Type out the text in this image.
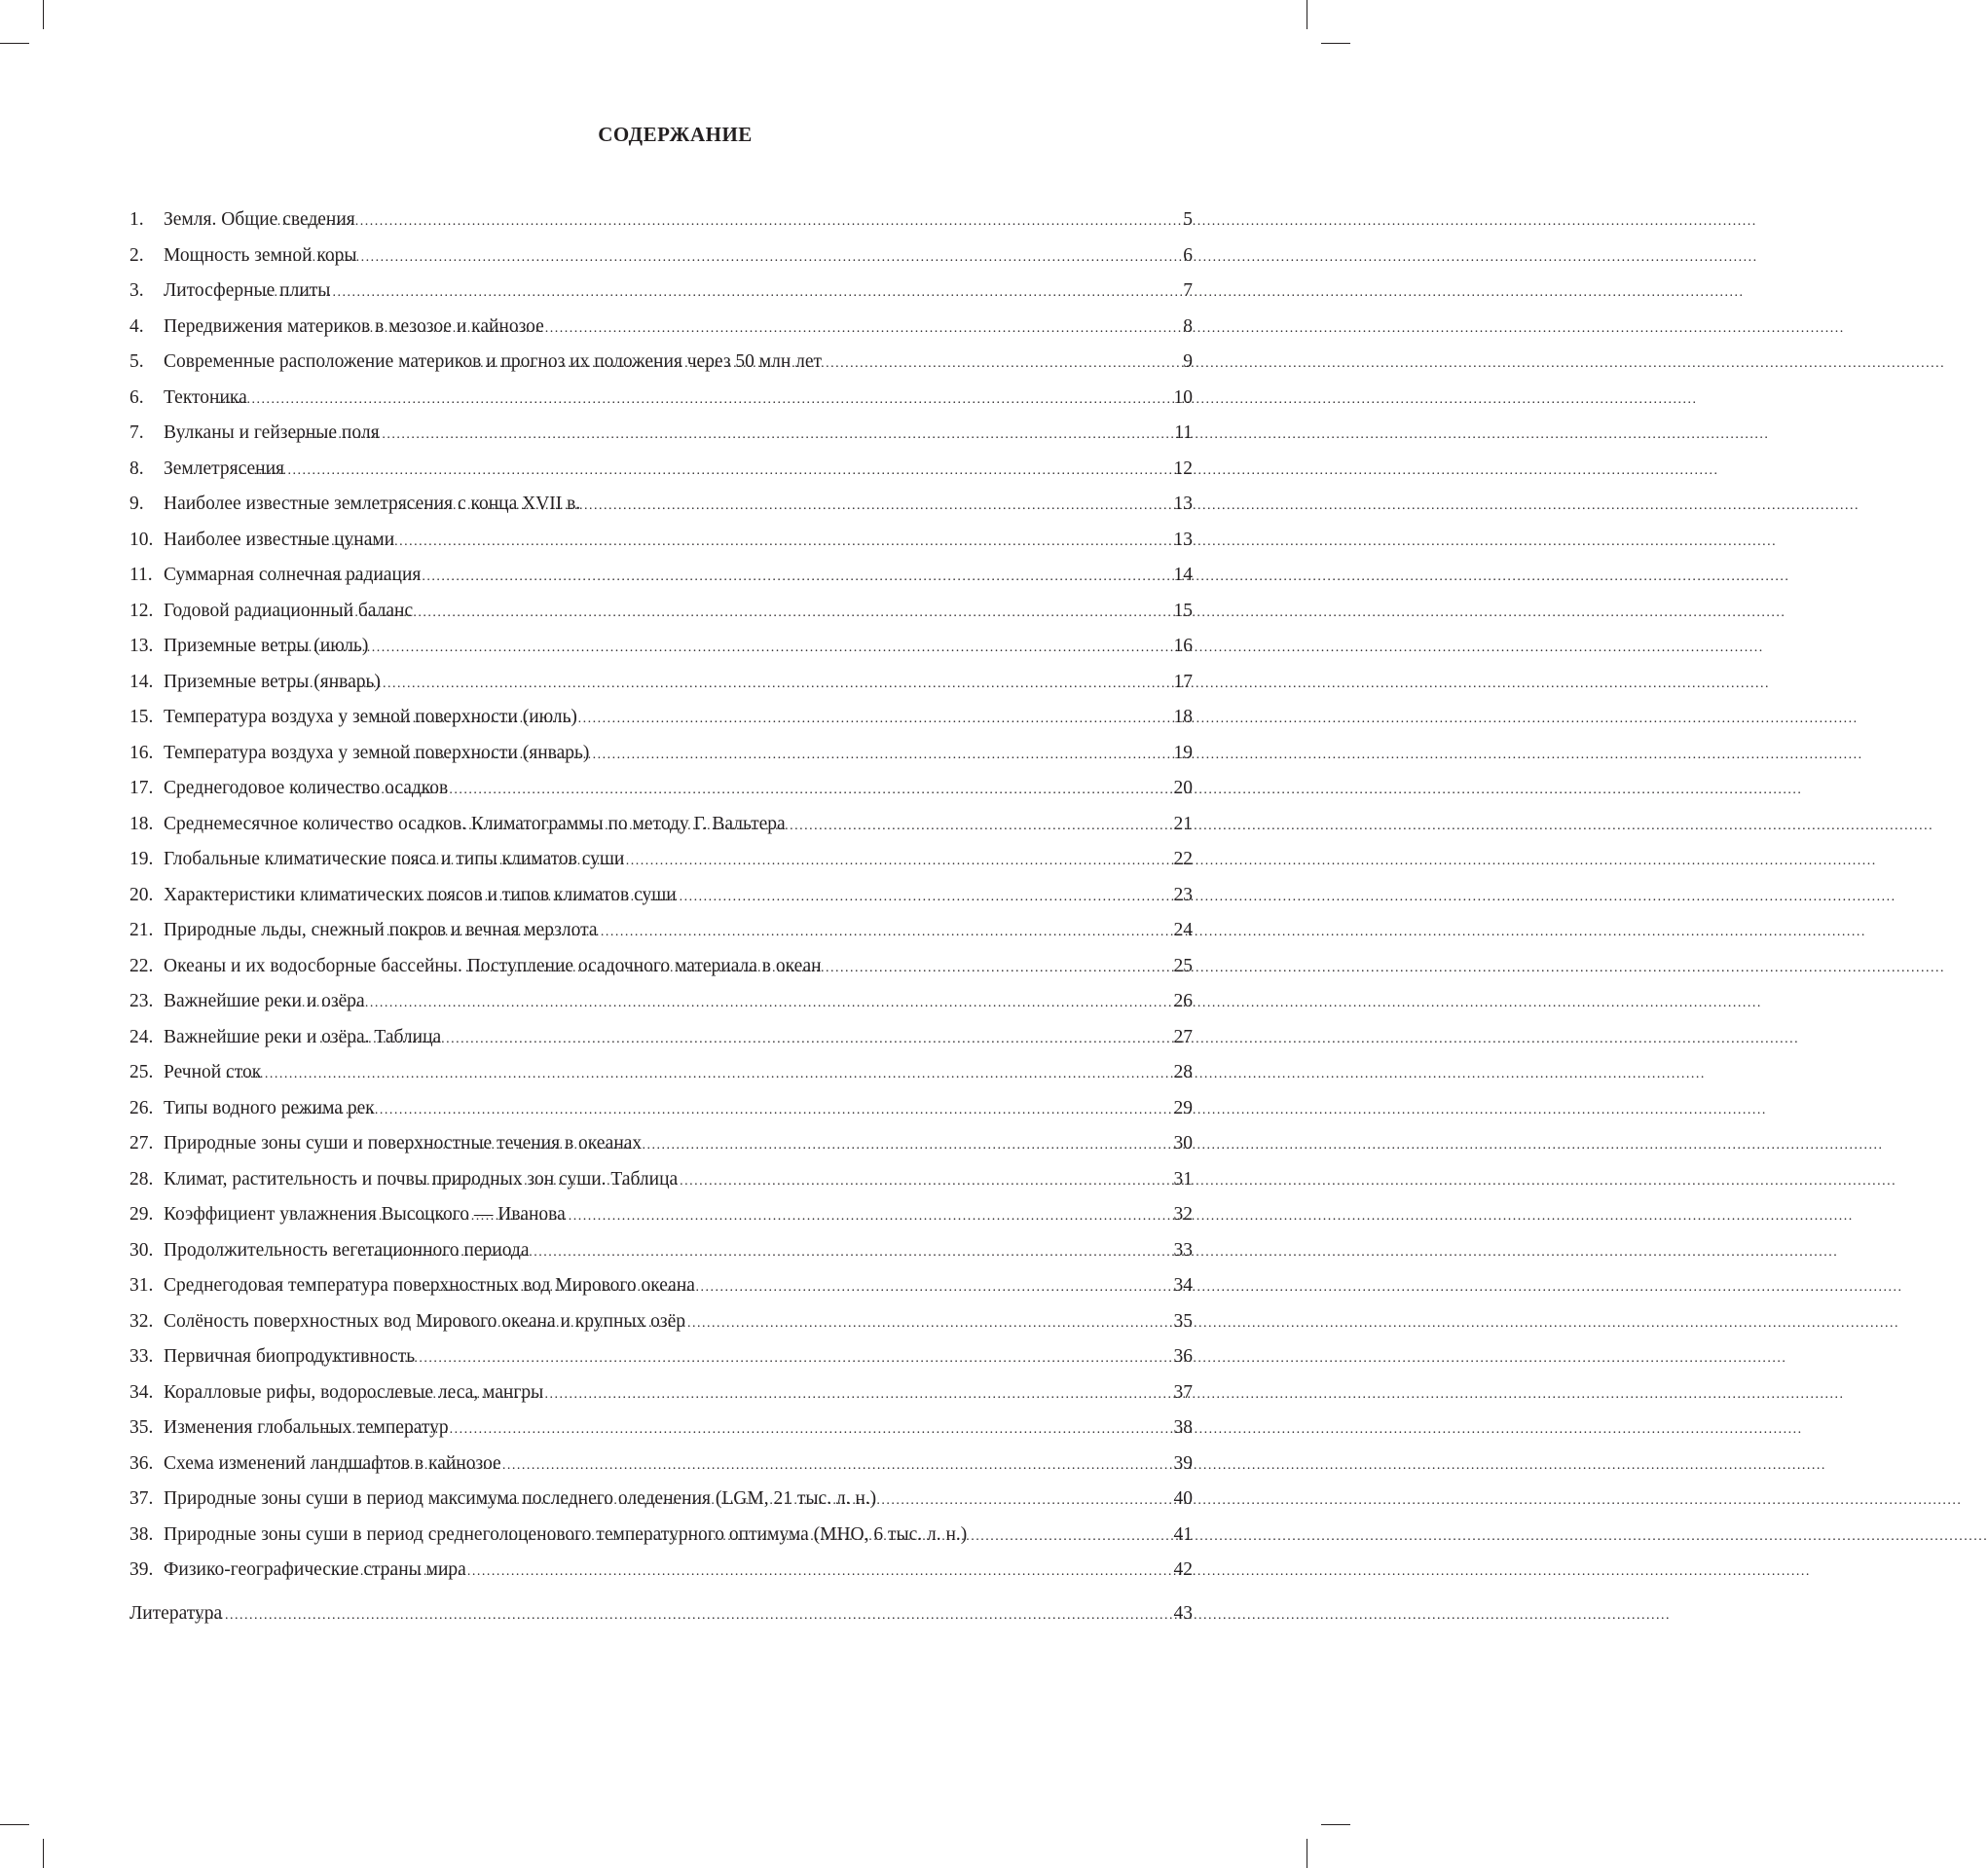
СОДЕРЖАНИЕ
1.	Земля. Общие сведения .....	5
2.	Мощность земной коры .....	6
3.	Литосферные плиты .....	7
4.	Передвижения материков в мезозое и кайнозое .....	8
5.	Современные расположение материков и прогноз их положения через 50 млн лет .....	9
6.	Тектоника .....	10
7.	Вулканы и гейзерные поля .....	11
8.	Землетрясения .....	12
9.	Наиболее известные землетрясения с конца XVII в. .....	13
10. Наиболее известные цунами .....	13
11. Суммарная солнечная радиация .....	14
12. Годовой радиационный баланс .....	15
13. Приземные ветры (июль) .....	16
14. Приземные ветры (январь) .....	17
15. Температура воздуха у земной поверхности (июль) .....	18
16. Температура воздуха у земной поверхности (январь) .....	19
17. Среднегодовое количество осадков .....	20
18. Среднемесячное количество осадков. Климатограммы по методу Г. Вальтера .....	21
19. Глобальные климатические пояса и типы климатов суши .....	22
20. Характеристики климатических поясов и типов климатов суши .....	23
21. Природные льды, снежный покров и вечная мерзлота .....	24
22. Океаны и их водосборные бассейны. Поступление осадочного материала в океан .....	25
23. Важнейшие реки и озёра .....	26
24. Важнейшие реки и озёра. Таблица .....	27
25. Речной сток .....	28
26. Типы водного режима рек .....	29
27. Природные зоны суши и поверхностные течения в океанах .....	30
28. Климат, растительность и почвы природных зон суши. Таблица .....	31
29. Коэффициент увлажнения Высоцкого — Иванова .....	32
30. Продолжительность вегетационного периода .....	33
31. Среднегодовая температура поверхностных вод Мирового океана .....	34
32. Солёность поверхностных вод Мирового океана и крупных озёр .....	35
33. Первичная биопродуктивность .....	36
34. Коралловые рифы, водорослевые леса, мангры .....	37
35. Изменения глобальных температур .....	38
36. Схема изменений ландшафтов в кайнозое .....	39
37. Природные зоны суши в период максимума последнего оледенения (LGM, 21 тыс. л. н.) .....	40
38. Природные зоны суши в период среднеголоценового температурного оптимума (МНО, 6 тыс. л. н.) .....	41
39. Физико-географические страны мира .....	42
Литература .....	43
